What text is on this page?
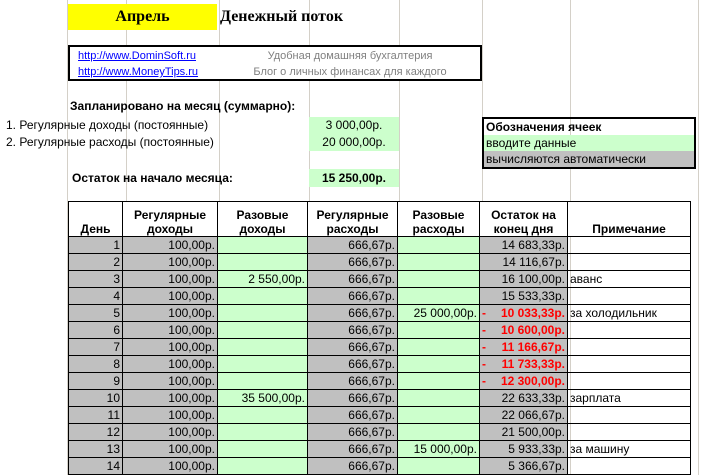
Апрель	Денежный поток
http://www.DominSoft.ru	Удобная домашняя бухгалтерия
http://www.MoneyTips.ru	Блог о личных финансах для каждого
Запланировано на месяц (суммарно):
1. Регулярные доходы (постоянные)	3 000,00р.
2. Регулярные расходы (постоянные)	20 000,00р.
Остаток на начало месяца:	15 250,00р.
Обозначения ячеек
вводите данные
вычисляются автоматически
День	Регулярные доходы	Разовые доходы	Регулярные расходы	Разовые расходы	Остаток на конец дня	Примечание
1	100,00р.		666,67р.		14 683,33р.	
2	100,00р.		666,67р.		14 116,67р.	
3	100,00р.	2 550,00р.	666,67р.		16 100,00р.	аванс
4	100,00р.		666,67р.		15 533,33р.	
5	100,00р.		666,67р.	25 000,00р.	- 10 033,33р.	за холодильник
6	100,00р.		666,67р.		- 10 600,00р.	
7	100,00р.		666,67р.		- 11 166,67р.	
8	100,00р.		666,67р.		- 11 733,33р.	
9	100,00р.		666,67р.		- 12 300,00р.	
10	100,00р.	35 500,00р.	666,67р.		22 633,33р.	зарплата
11	100,00р.		666,67р.		22 066,67р.	
12	100,00р.		666,67р.		21 500,00р.	
13	100,00р.		666,67р.	15 000,00р.	5 933,33р.	за машину
14	100,00р.		666,67р.		5 366,67р.	
